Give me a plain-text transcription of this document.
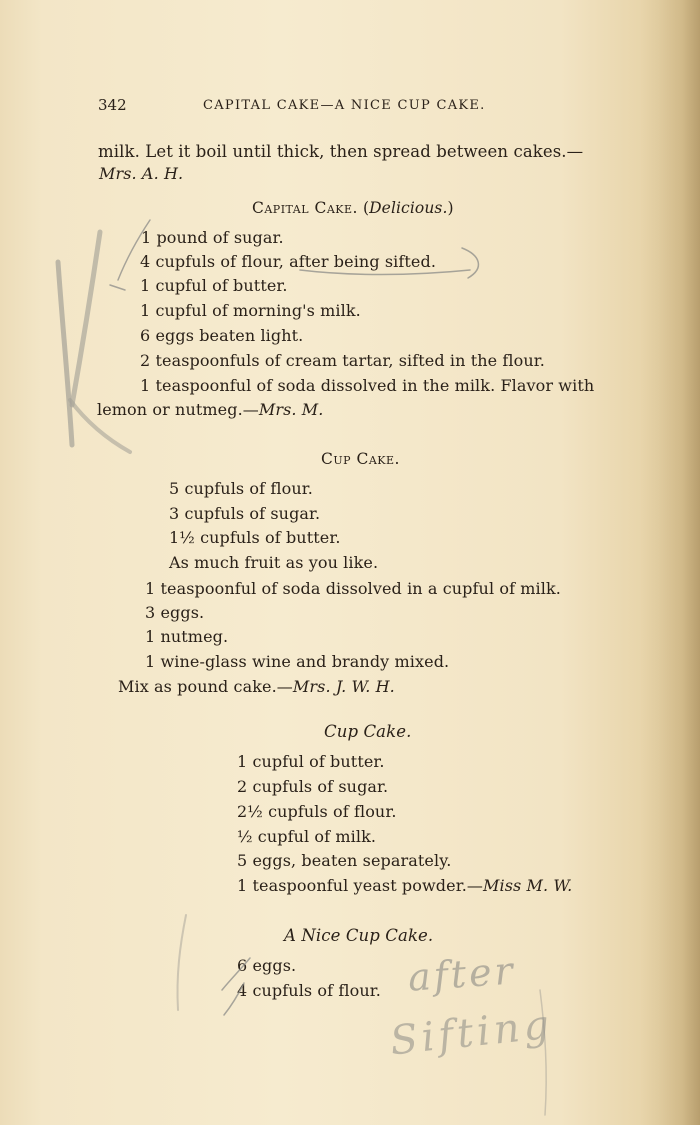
342	CAPITAL CAKE—A NICE CUP CAKE.
milk. Let it boil until thick, then spread between cakes.—
Mrs. A. H.
Capital Cake. (Delicious.)
1 pound of sugar.
4 cupfuls of flour, after being sifted.
1 cupful of butter.
1 cupful of morning's milk.
6 eggs beaten light.
2 teaspoonfuls of cream tartar, sifted in the flour.
1 teaspoonful of soda dissolved in the milk. Flavor with
lemon or nutmeg.—Mrs. M.
Cup Cake.
5 cupfuls of flour.
3 cupfuls of sugar.
1½ cupfuls of butter.
As much fruit as you like.
1 teaspoonful of soda dissolved in a cupful of milk.
3 eggs.
1 nutmeg.
1 wine-glass wine and brandy mixed.
Mix as pound cake.—Mrs. J. W. H.
Cup Cake.
1 cupful of butter.
2 cupfuls of sugar.
2½ cupfuls of flour.
½ cupful of milk.
5 eggs, beaten separately.
1 teaspoonful yeast powder.—Miss M. W.
A Nice Cup Cake.
6 eggs.
4 cupfuls of flour. after
Sifting
